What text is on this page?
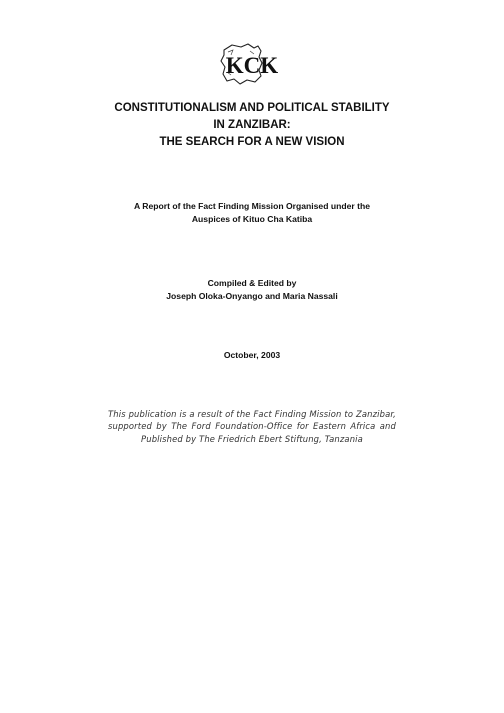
KCK
CONSTITUTIONALISM AND POLITICAL STABILITY
IN ZANZIBAR:
THE SEARCH FOR A NEW VISION
A Report of the Fact Finding Mission Organised under the
Auspices of Kituo Cha Katiba
Compiled & Edited by
Joseph Oloka-Onyango and Maria Nassali
October, 2003
This publication is a result of the Fact Finding Mission to Zanzibar, supported by The Ford Foundation-Office for Eastern Africa and Published by The Friedrich Ebert Stiftung, Tanzania
